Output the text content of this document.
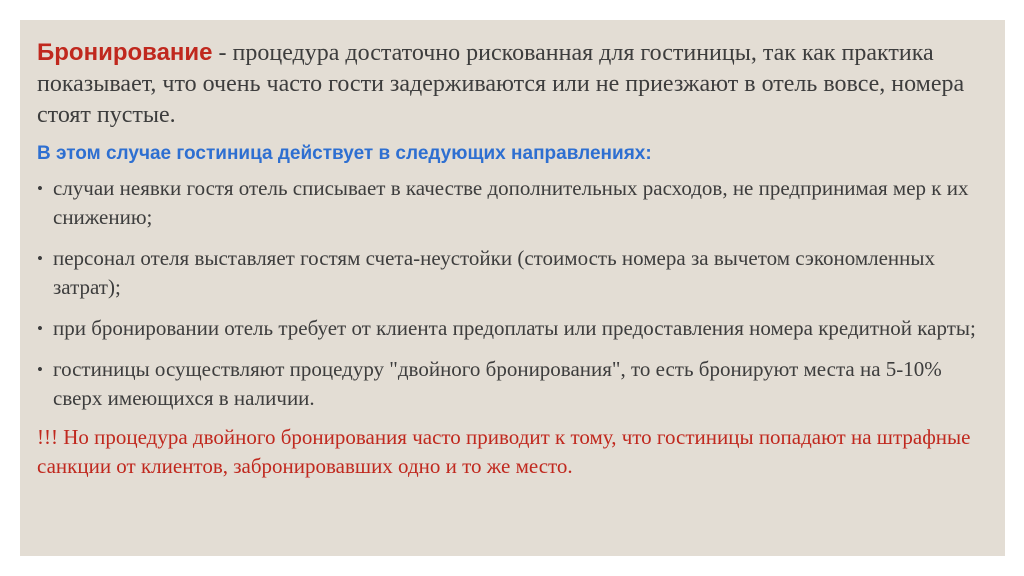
Бронирование - процедура достаточно рискованная для гостиницы, так как практика показывает, что очень часто гости задерживаются или не приезжают в отель вовсе, номера стоят пустые.

В этом случае гостиница действует в следующих направлениях:

• случаи неявки гостя отель списывает в качестве дополнительных расходов, не предпринимая мер к их снижению;
• персонал отеля выставляет гостям счета-неустойки (стоимость номера за вычетом сэкономленных затрат);
• при бронировании отель требует от клиента предоплаты или предоставления номера кредитной карты;
• гостиницы осуществляют процедуру "двойного бронирования", то есть бронируют места на 5-10% сверх имеющихся в наличии.

!!! Но процедура двойного бронирования часто приводит к тому, что гостиницы попадают на штрафные санкции от клиентов, забронировавших одно и то же место.
